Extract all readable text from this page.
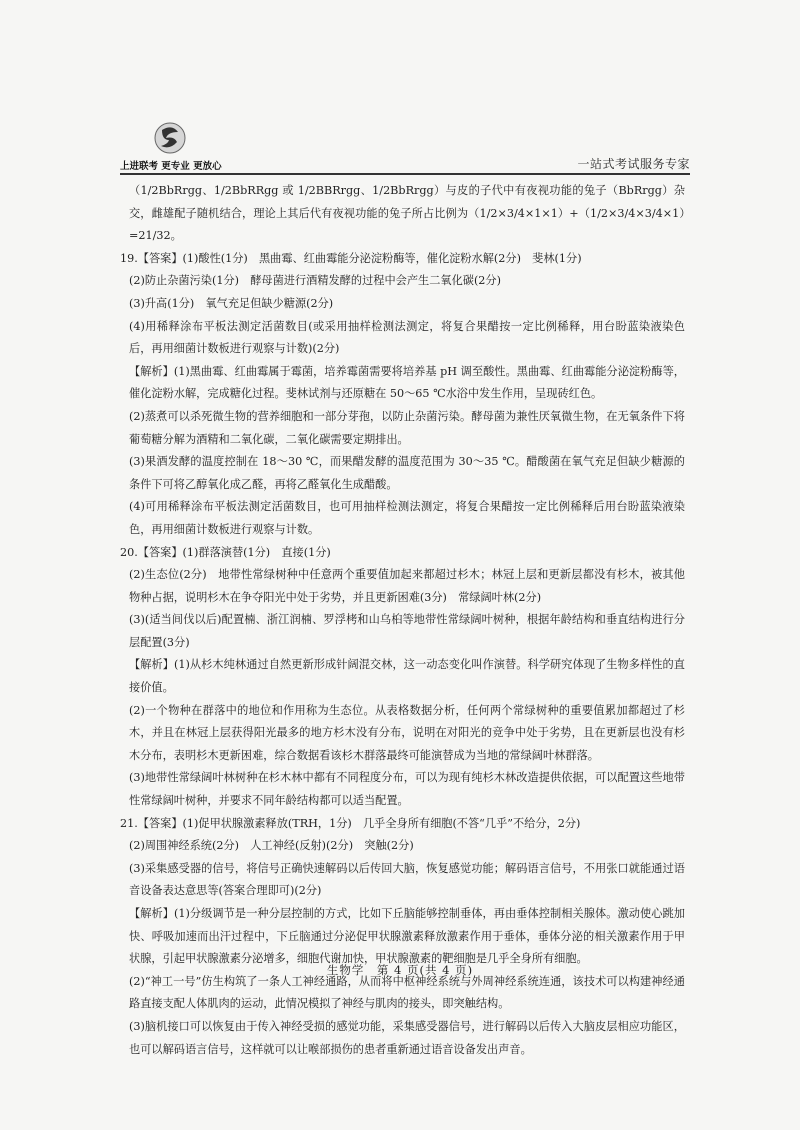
上进联考 更专业 更放心	一站式考试服务专家

（1/2BbRrgg、1/2BbRRgg 或 1/2BBRrgg、1/2BbRrgg）与皮的子代中有夜视功能的兔子（BbRrgg）杂交，雌雄配子随机结合，理论上其后代有夜视功能的兔子所占比例为（1/2×3/4×1×1）+（1/2×3/4×3/4×1）=21/32。

19.【答案】(1)酸性(1分)　黑曲霉、红曲霉能分泌淀粉酶等，催化淀粉水解(2分)　斐林(1分)

(2)防止杂菌污染(1分)　酵母菌进行酒精发酵的过程中会产生二氧化碳(2分)

(3)升高(1分)　氧气充足但缺少糖源(2分)

(4)用稀释涂布平板法测定活菌数目(或采用抽样检测法测定，将复合果醋按一定比例稀释，用台盼蓝染液染色后，再用细菌计数板进行观察与计数)(2分)

【解析】(1)黑曲霉、红曲霉属于霉菌，培养霉菌需要将培养基 pH 调至酸性。黑曲霉、红曲霉能分泌淀粉酶等，催化淀粉水解，完成糖化过程。斐林试剂与还原糖在 50～65 ℃水浴中发生作用，呈现砖红色。

(2)蒸煮可以杀死微生物的营养细胞和一部分芽孢，以防止杂菌污染。酵母菌为兼性厌氧微生物，在无氧条件下将葡萄糖分解为酒精和二氧化碳，二氧化碳需要定期排出。

(3)果酒发酵的温度控制在 18～30 ℃，而果醋发酵的温度范围为 30～35 ℃。醋酸菌在氧气充足但缺少糖源的条件下可将乙醇氧化成乙醛，再将乙醛氧化生成醋酸。

(4)可用稀释涂布平板法测定活菌数目，也可用抽样检测法测定，将复合果醋按一定比例稀释后用台盼蓝染液染色，再用细菌计数板进行观察与计数。

20.【答案】(1)群落演替(1分)　直接(1分)

(2)生态位(2分)　地带性常绿树种中任意两个重要值加起来都超过杉木；林冠上层和更新层都没有杉木，被其他物种占据，说明杉木在争夺阳光中处于劣势，并且更新困难(3分)　常绿阔叶林(2分)

(3)(适当间伐以后)配置楠、浙江润楠、罗浮栲和山乌桕等地带性常绿阔叶树种，根据年龄结构和垂直结构进行分层配置(3分)

【解析】(1)从杉木纯林通过自然更新形成针阔混交林，这一动态变化叫作演替。科学研究体现了生物多样性的直接价值。

(2)一个物种在群落中的地位和作用称为生态位。从表格数据分析，任何两个常绿树种的重要值累加都超过了杉木，并且在林冠上层获得阳光最多的地方杉木没有分布，说明在对阳光的竞争中处于劣势，且在更新层也没有杉木分布，表明杉木更新困难，综合数据看该杉木群落最终可能演替成为当地的常绿阔叶林群落。

(3)地带性常绿阔叶林树种在杉木林中都有不同程度分布，可以为现有纯杉木林改造提供依据，可以配置这些地带性常绿阔叶树种，并要求不同年龄结构都可以适当配置。

21.【答案】(1)促甲状腺激素释放(TRH，1分)　几乎全身所有细胞(不答“几乎”不给分，2分)

(2)周围神经系统(2分)　人工神经(反射)(2分)　突触(2分)

(3)采集感受器的信号，将信号正确快速解码以后传回大脑，恢复感觉功能；解码语言信号，不用张口就能通过语音设备表达意思等(答案合理即可)(2分)

【解析】(1)分级调节是一种分层控制的方式，比如下丘脑能够控制垂体，再由垂体控制相关腺体。激动使心跳加快、呼吸加速而出汗过程中，下丘脑通过分泌促甲状腺激素释放激素作用于垂体，垂体分泌的相关激素作用于甲状腺，引起甲状腺激素分泌增多，细胞代谢加快，甲状腺激素的靶细胞是几乎全身所有细胞。

(2)“神工一号”仿生构筑了一条人工神经通路，从而将中枢神经系统与外周神经系统连通，该技术可以构建神经通路直接支配人体肌肉的运动，此情况模拟了神经与肌肉的接头，即突触结构。

(3)脑机接口可以恢复由于传入神经受损的感觉功能，采集感受器信号，进行解码以后传入大脑皮层相应功能区，也可以解码语言信号，这样就可以让喉部损伤的患者重新通过语音设备发出声音。

生物学　第 4 页(共 4 页)
